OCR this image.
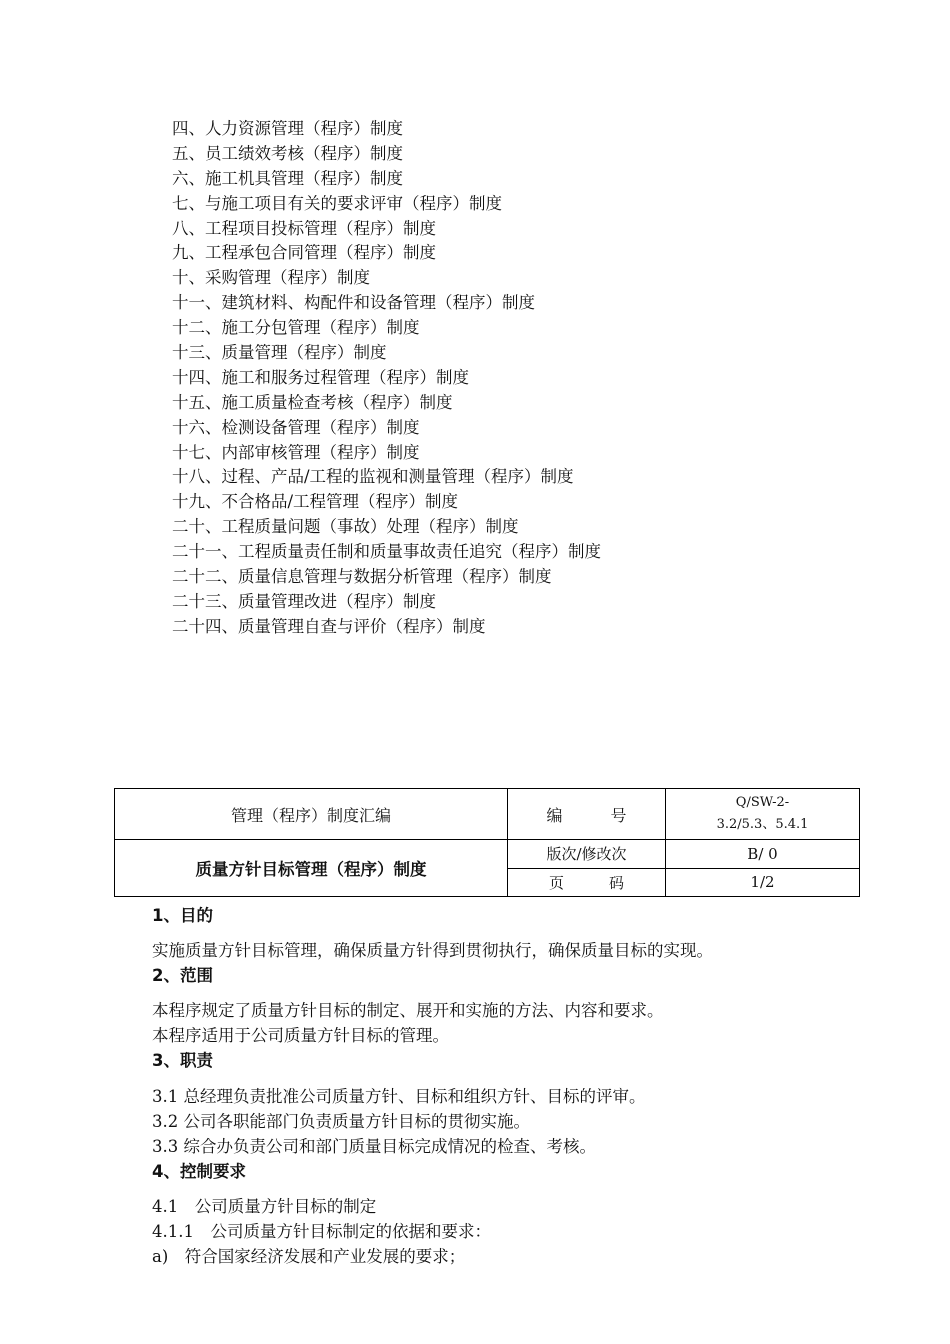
四、人力资源管理（程序）制度
五、员工绩效考核（程序）制度
六、施工机具管理（程序）制度
七、与施工项目有关的要求评审（程序）制度
八、工程项目投标管理（程序）制度
九、工程承包合同管理（程序）制度
十、采购管理（程序）制度
十一、建筑材料、构配件和设备管理（程序）制度
十二、施工分包管理（程序）制度
十三、质量管理（程序）制度
十四、施工和服务过程管理（程序）制度
十五、施工质量检查考核（程序）制度
十六、检测设备管理（程序）制度
十七、内部审核管理（程序）制度
十八、过程、产品/工程的监视和测量管理（程序）制度
十九、不合格品/工程管理（程序）制度
二十、工程质量问题（事故）处理（程序）制度
二十一、工程质量责任制和质量事故责任追究（程序）制度
二十二、质量信息管理与数据分析管理（程序）制度
二十三、质量管理改进（程序）制度
二十四、质量管理自查与评价（程序）制度
管理（程序）制度汇编	编　　　号	Q/SW-2-
3.2/5.3、5.4.1

质量方针目标管理（程序）制度	版次/修改次	B/ 0
	页　　　码	1/2
1、目的
实施质量方针目标管理，确保质量方针得到贯彻执行，确保质量目标的实现。
2、范围
本程序规定了质量方针目标的制定、展开和实施的方法、内容和要求。
本程序适用于公司质量方针目标的管理。
3、职责
3.1 总经理负责批准公司质量方针、目标和组织方针、目标的评审。
3.2 公司各职能部门负责质量方针目标的贯彻实施。
3.3 综合办负责公司和部门质量目标完成情况的检查、考核。
4、控制要求
4.1　公司质量方针目标的制定
4.1.1　公司质量方针目标制定的依据和要求：
a)　符合国家经济发展和产业发展的要求；
